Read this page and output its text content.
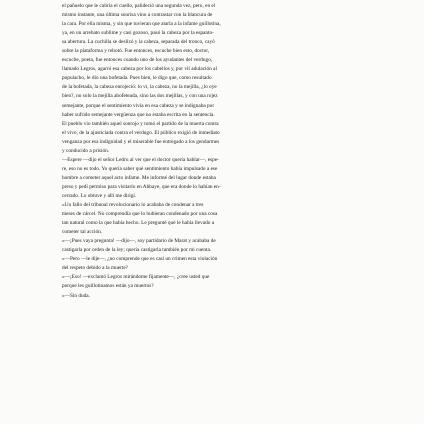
el pañuelo que le cubría el cuello, palideció una segunda vez, pero, en el
mismo instante, una última sonrisa vino a contrastar con la blancura de
la cara. Por ella misma, y sin que tuvieran que atarla a la infame guillotina,
ya, en un arrebato sublime y casi gozoso, pasó la cabeza por la espanto-
sa abertura. La cuchilla se deslizó y la cabeza, separada del tronco, cayó
sobre la plataforma y rebotó. Fue entonces, escuche bien esto, doctor,
escuche, poeta, fue entonces cuando uno de los ayudantes del verdugo,
llamado Legros, agarró esa cabeza por los cabellos y, por vil adulación al
populacho, le dio una bofetada. Pues bien, le digo que, como resultado
de la bofetada, la cabeza enrojeció: lo vi, la cabeza, no la mejilla, ¿lo oye
bien?, no solo la mejilla abofeteada, sino las dos mejillas, y con una rojez
semejante, porque el sentimiento vivía en esa cabeza y se indignaba por
haber sufrido semejante vergüenza que no estaba escrita en la sentencia.
El pueblo vio también aquel sonrojo y tomó el partido de la muerta contra
el vivo, de la ajusticiada contra el verdugo. El público exigió de inmediato
venganza por esa indignidad y el miserable fue entregado a los gendarmes
y conducido a prisión.
—Espere —dijo el señor Ledru al ver que el doctor quería hablar—, espe-
re, eso no es todo. Yo quería saber qué sentimiento había impulsado a ese
hombre a cometer aquel acto infame. Me informé del lugar donde estaba
preso y pedí permiso para visitarlo en Abbaye, que era donde lo habían en-
cerrado. Lo obtuve y allí me dirigí.
»Un fallo del tribunal revolucionario lo acababa de condenar a tres
meses de cárcel. No comprendía que lo hubieran condenado por una cosa
tan natural como la que había hecho. Le pregunté qué le había llevado a
cometer tal acción.
»—¡Pues vaya pregunta! —dijo—, soy partidario de Marat y acababa de
castigarla por orden de la ley; quería castigarla también por mi cuenta.
»—Pero —le dije—, ¿no comprende que es casi un crimen esta violación
del respeto debido a la muerte?
»—¡Eso! —exclamó Legros mirándome fijamente—, ¿cree usted que
porque les guillotinamos están ya muertos?
»—Sin duda.
